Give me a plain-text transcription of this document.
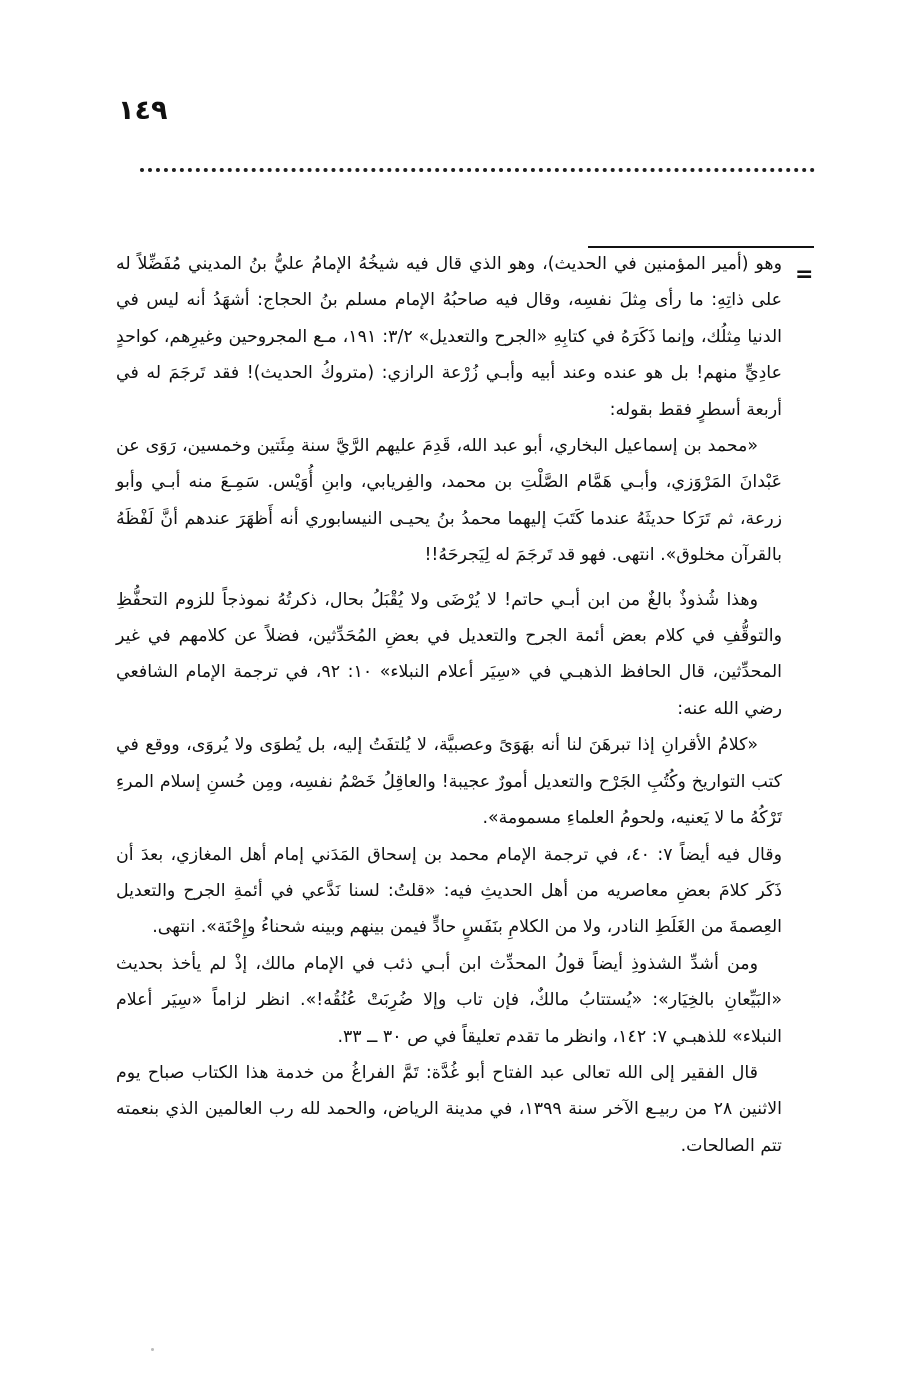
١٤٩
=

وهو (أمير المؤمنين في الحديث)، وهو الذي قال فيه شيخُهُ الإمامُ عليُّ بنُ المديني مُفَضِّلاً له على ذاتِهِ: ما رأى مِثلَ نفسِه، وقال فيه صاحبُهُ الإمام مسلم بنُ الحجاج: أشهَدُ أنه ليس في الدنيا مِثلُك، وإنما ذَكَرَهُ في كتابِهِ «الجرح والتعديل» ٣/٢: ١٩١، مـع المجروحين وغيرِهم، كواحدٍ عادِيٍّ منهم! بل هو عنده وعند أبيه وأبـي زُرْعة الرازي: (متروكُ الحديث)! فقد تَرجَمَ له في أربعة أسطرٍ فقط بقوله:

«محمد بن إسماعيل البخاري، أبو عبد الله، قَدِمَ عليهم الرَّيَّ سنة مِئَتين وخمسين، رَوَى عن عَبْدانَ المَرْوَزي، وأبـي هَمَّام الصَّلْتِ بن محمد، والفِريابي، وابنِ أُوَيْس. سَمِـعَ منه أبـي وأبو زرعة، ثم تَرَكا حديثَهُ عندما كَتَبَ إليهما محمدُ بنُ يحيـى النيسابوري أنه أَظهَرَ عندهم أنَّ لَفْظَهُ بالقرآن مخلوق». انتهى. فهو قد تَرجَمَ له لِيَجرحَهُ!!

وهذا شُذوذٌ بالغٌ من ابن أبـي حاتم! لا يُرْضَى ولا يُقْبَلُ بحال، ذكرتُهُ نموذجاً للزوم التحفُّظِ والتوقُّفِ في كلام بعض أئمة الجرح والتعديل في بعضِ المُحَدِّثين، فضلاً عن كلامهم في غير المحدِّثين، قال الحافظ الذهبـي في «سِيَر أعلام النبلاء» ١٠: ٩٢، في ترجمة الإمام الشافعي رضي الله عنه:

«كلامُ الأقرانِ إذا تبرهَنَ لنا أنه بهَوَىً وعصبيَّة، لا يُلتفَتُ إليه، بل يُطوَى ولا يُروَى، ووقع في كتب التواريخ وكُتُبِ الجَرْح والتعديل أمورٌ عجيبة! والعاقِلُ خَصْمُ نفسِه، ومِن حُسنِ إسلام المرءِ تَرْكُهُ ما لا يَعنيه، ولحومُ العلماءِ مسمومة».

وقال فيه أيضاً ٧: ٤٠، في ترجمة الإمام محمد بن إسحاق المَدَني إمام أهل المغازي، بعدَ أن ذَكَر كلامَ بعضِ معاصريه من أهل الحديثِ فيه: «قلتُ: لسنا نَدَّعي في أئمةِ الجرح والتعديل العِصمةَ من الغَلَطِ النادر، ولا من الكلامِ بنَفَسٍ حادٍّ فيمن بينهم وبينه شحناءُ وإِحْنَة». انتهى.

ومن أشدِّ الشذوذِ أيضاً قولُ المحدِّث ابن أبـي ذئب في الإمام مالك، إذْ لم يأخذ بحديث «البَيِّعانِ بالخِيَار»: «يُستتابُ مالكٌ، فإن تاب وإلا ضُرِبَتْ عُنُقُه!». انظر لزاماً «سِيَر أعلام النبلاء» للذهبـي ٧: ١٤٢، وانظر ما تقدم تعليقاً في ص ٣٠ ــ ٣٣.

قال الفقير إلى الله تعالى عبد الفتاح أبو غُدَّة: تَمَّ الفراغُ من خدمة هذا الكتاب صباح يوم الاثنين ٢٨ من ربيـع الآخر سنة ١٣٩٩، في مدينة الرياض، والحمد لله رب العالمين الذي بنعمته تتم الصالحات.
